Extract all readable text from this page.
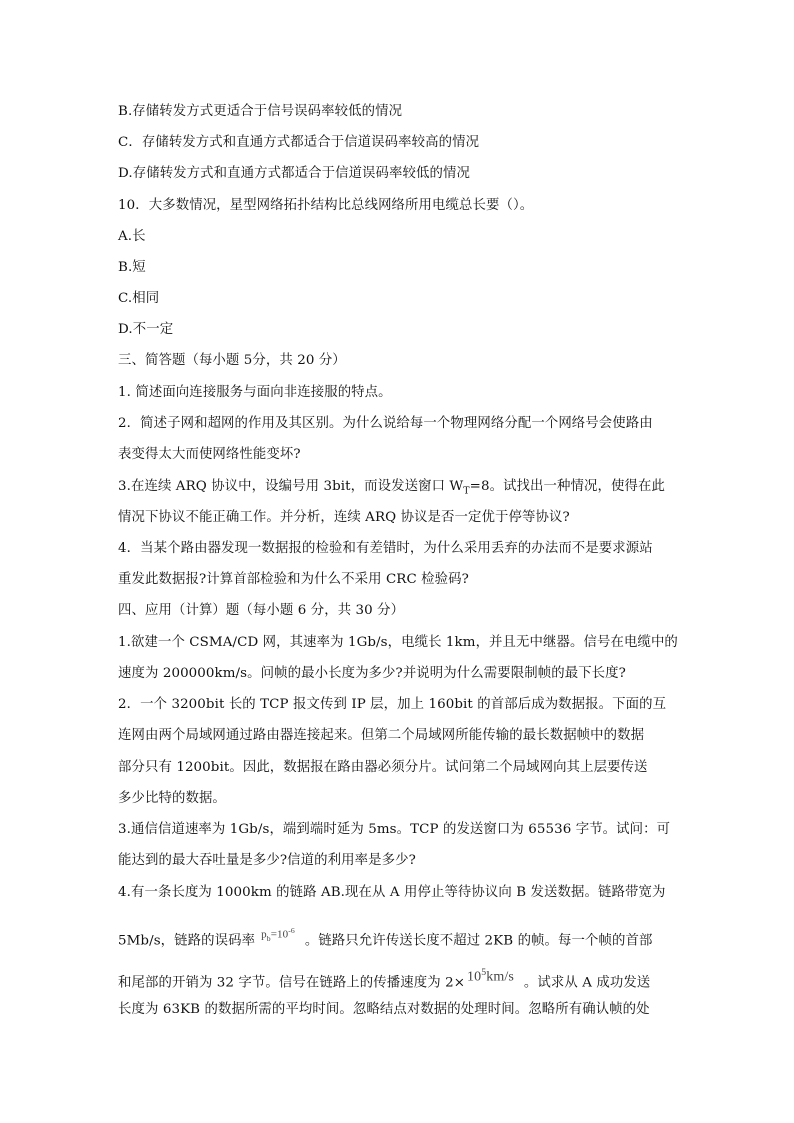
B.存储转发方式更适合于信号误码率较低的情况
C．存储转发方式和直通方式都适合于信道误码率较高的情况
D.存储转发方式和直通方式都适合于信道误码率较低的情况
10．大多数情况，星型网络拓扑结构比总线网络所用电缆总长要（）。
A.长
B.短
C.相同
D.不一定
三、简答题（每小题 5分，共 20 分）
1. 简述面向连接服务与面向非连接服的特点。
2．简述子网和超网的作用及其区别。为什么说给每一个物理网络分配一个网络号会使路由
表变得太大而使网络性能变坏?
3.在连续 ARQ 协议中，设编号用 3bit，而设发送窗口 $W_T=8$。试找出一种情况，使得在此
情况下协议不能正确工作。并分析，连续 ARQ 协议是否一定优于停等协议?
4．当某个路由器发现一数据报的检验和有差错时，为什么采用丢弃的办法而不是要求源站
重发此数据报?计算首部检验和为什么不采用 CRC 检验码?
四、应用（计算）题（每小题 6 分，共 30 分）
1.欲建一个 CSMA/CD 网，其速率为 1Gb/s，电缆长 1km，并且无中继器。信号在电缆中的
速度为 200000km/s。问帧的最小长度为多少?并说明为什么需要限制帧的最下长度?
2．一个 3200bit 长的 TCP 报文传到 IP 层，加上 160bit 的首部后成为数据报。下面的互
连网由两个局域网通过路由器连接起来。但第二个局域网所能传输的最长数据帧中的数据
部分只有 1200bit。因此，数据报在路由器必须分片。试问第二个局域网向其上层要传送
多少比特的数据。
3.通信信道速率为 1Gb/s，端到端时延为 5ms。TCP 的发送窗口为 65536 字节。试问：可
能达到的最大吞吐量是多少?信道的利用率是多少?
4.有一条长度为 1000km 的链路 AB.现在从 A 用停止等待协议向 B 发送数据。链路带宽为
5Mb/s，链路的误码率 $p_b=10^{-6}$。链路只允许传送长度不超过 2KB 的帧。每一个帧的首部
和尾部的开销为 32 字节。信号在链路上的传播速度为 $2\times 10^5km/s$ 。试求从 A 成功发送
长度为 63KB 的数据所需的平均时间。忽略结点对数据的处理时间。忽略所有确认帧的处
